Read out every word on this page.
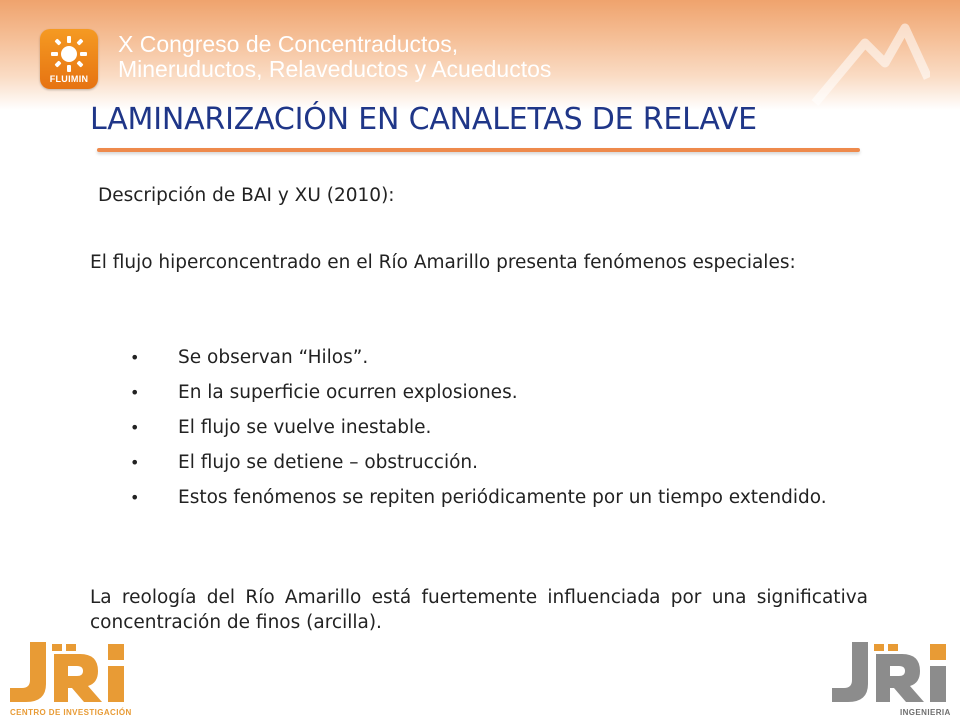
FLUIMIN
X Congreso de Concentraductos,
Mineruductos, Relaveductos y Acueductos
LAMINARIZACIÓN EN CANALETAS DE RELAVE
Descripción de BAI y XU (2010):
El flujo hiperconcentrado en el Río Amarillo presenta fenómenos especiales:
• Se observan “Hilos”.
• En la superficie ocurren explosiones.
• El flujo se vuelve inestable.
• El flujo se detiene – obstrucción.
• Estos fenómenos se repiten periódicamente por un tiempo extendido.
La reología del Río Amarillo está fuertemente influenciada por una significativa concentración de finos (arcilla).
CENTRO DE INVESTIGACIÓN	INGENIERIA
